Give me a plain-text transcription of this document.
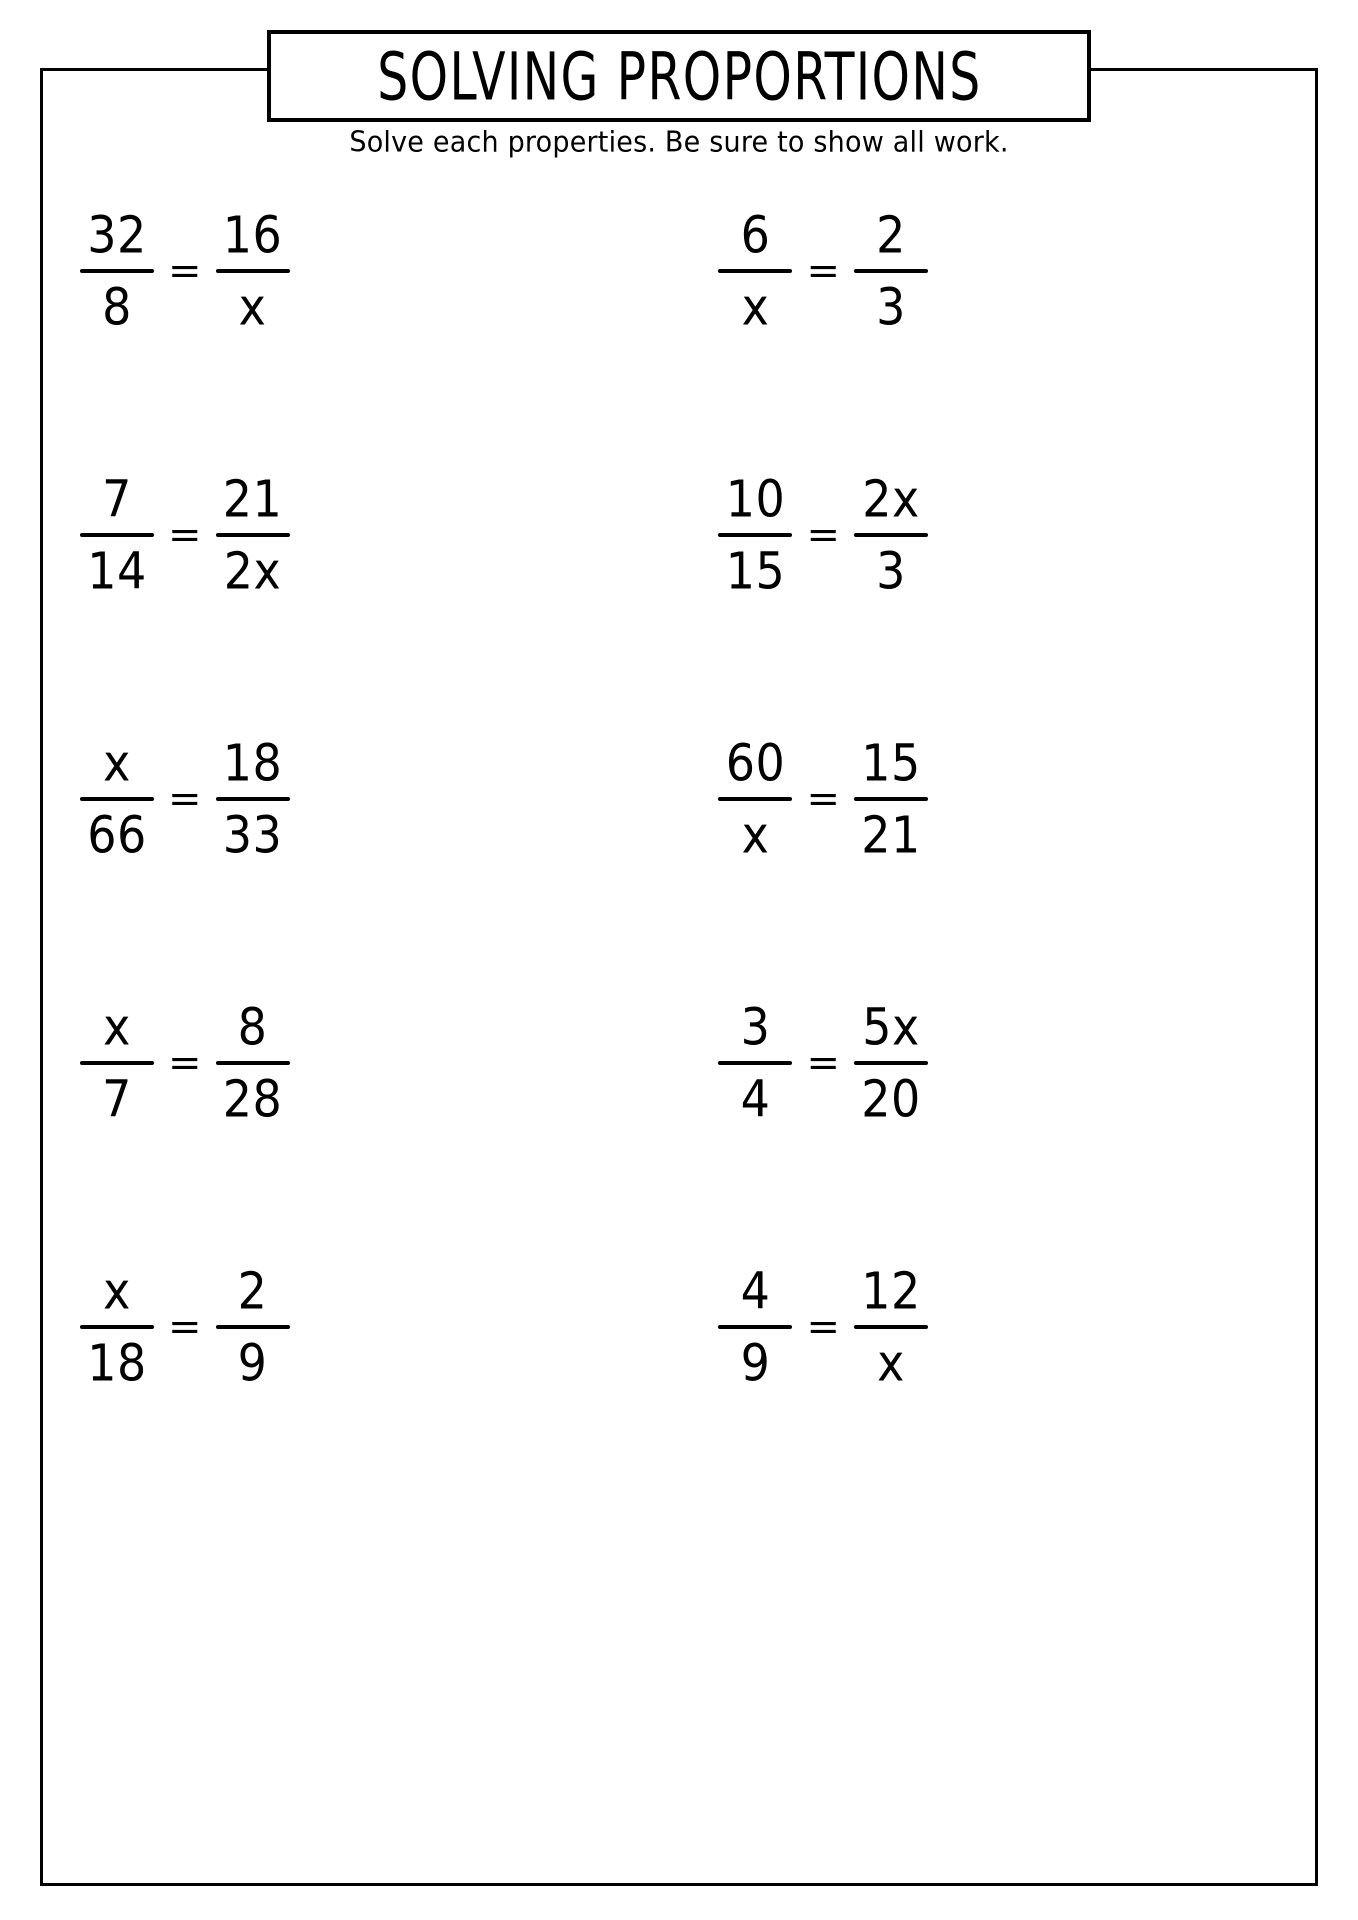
SOLVING PROPORTIONS
Solve each properties. Be sure to show all work.
$\frac{32}{8} = \frac{16}{x}$	$\frac{6}{x} = \frac{2}{3}$
$\frac{7}{14} = \frac{21}{2x}$	$\frac{10}{15} = \frac{2x}{3}$
$\frac{x}{66} = \frac{18}{33}$	$\frac{60}{x} = \frac{15}{21}$
$\frac{x}{7} = \frac{8}{28}$	$\frac{3}{4} = \frac{5x}{20}$
$\frac{x}{18} = \frac{2}{9}$	$\frac{4}{9} = \frac{12}{x}$
